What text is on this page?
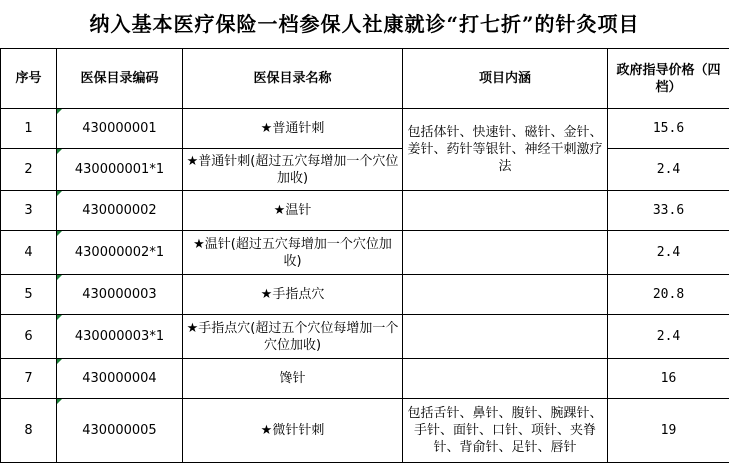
纳入基本医疗保险一档参保人社康就诊“打七折”的针灸项目
序号	医保目录编码	医保目录名称	项目内涵	政府指导价格（四档）
1	430000001	★普通针刺	包括体针、快速针、磁针、金针、姜针、药针等银针、神经干刺激疗法	15.6
2	430000001*1	★普通针刺(超过五穴每增加一个穴位加收)		2.4
3	430000002	★温针		33.6
4	430000002*1	★温针(超过五穴每增加一个穴位加收)		2.4
5	430000003	★手指点穴		20.8
6	430000003*1	★手指点穴(超过五个穴位每增加一个穴位加收)		2.4
7	430000004	馋针		16
8	430000005	★微针针刺	包括舌针、鼻针、腹针、腕踝针、手针、面针、口针、项针、夹脊针、背俞针、足针、唇针	19
